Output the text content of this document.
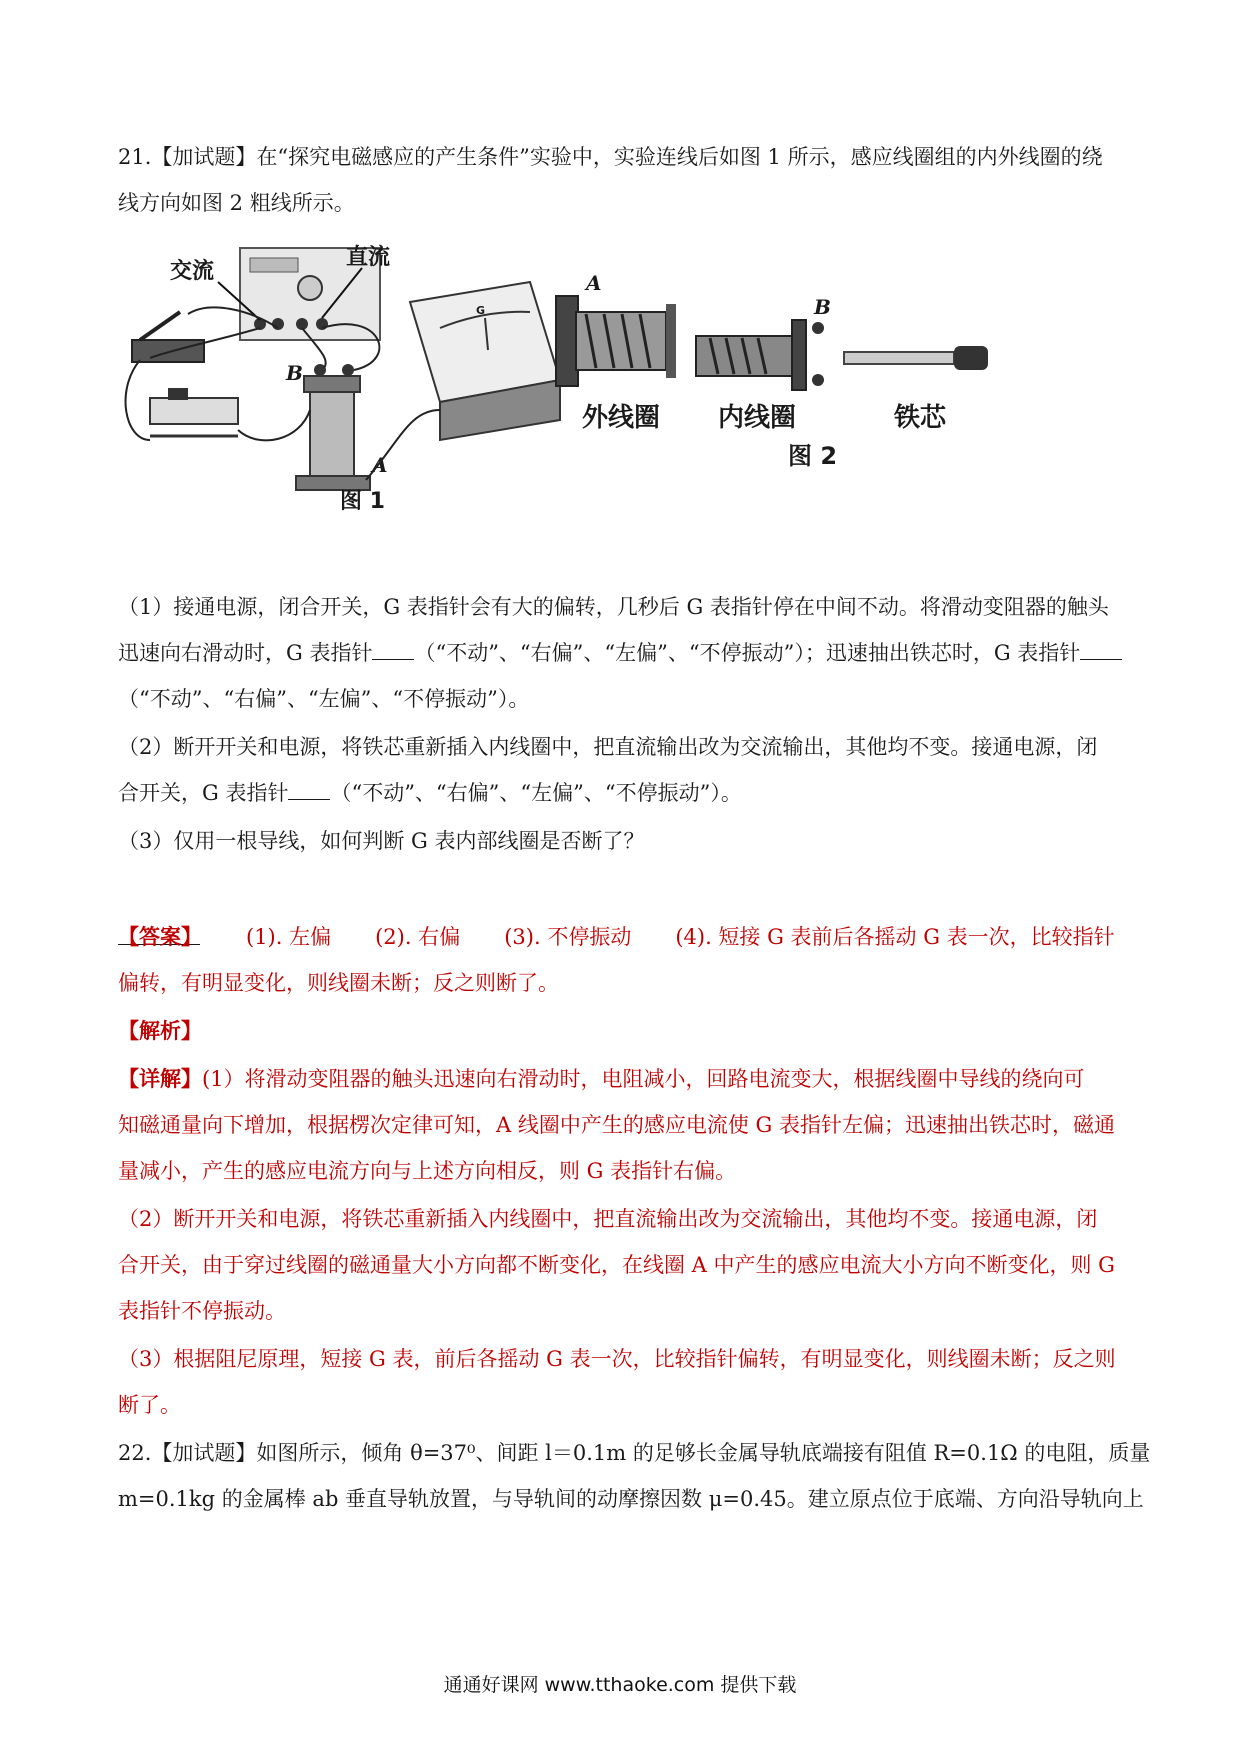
21.【加试题】在“探究电磁感应的产生条件”实验中，实验连线后如图 1 所示，感应线圈组的内外线圈的绕
线方向如图 2 粗线所示。
交流
直流
B
A
图 1
G
A
外线圈
B
内线圈	铁芯
图 2
（1）接通电源，闭合开关，G 表指针会有大的偏转，几秒后 G 表指针停在中间不动。将滑动变阻器的触头
迅速向右滑动时，G 表指针 （“不动”、“右偏”、“左偏”、“不停振动”）；迅速抽出铁芯时，G 表指针
（“不动”、“右偏”、“左偏”、“不停振动”）。
（2）断开开关和电源，将铁芯重新插入内线圈中，把直流输出改为交流输出，其他均不变。接通电源，闭
合开关，G 表指针 （“不动”、“右偏”、“左偏”、“不停振动”）。
（3）仅用一根导线，如何判断 G 表内部线圈是否断了？
【答案】 (1). 左偏 (2). 右偏 (3). 不停振动 (4). 短接 G 表前后各摇动 G 表一次，比较指针
偏转，有明显变化，则线圈未断；反之则断了。
【解析】
【详解】(1）将滑动变阻器的触头迅速向右滑动时，电阻减小，回路电流变大，根据线圈中导线的绕向可
知磁通量向下增加，根据楞次定律可知，A 线圈中产生的感应电流使 G 表指针左偏；迅速抽出铁芯时，磁通
量减小，产生的感应电流方向与上述方向相反，则 G 表指针右偏。
（2）断开开关和电源，将铁芯重新插入内线圈中，把直流输出改为交流输出，其他均不变。接通电源，闭
合开关，由于穿过线圈的磁通量大小方向都不断变化，在线圈 A 中产生的感应电流大小方向不断变化，则 G
表指针不停振动。
（3）根据阻尼原理，短接 G 表，前后各摇动 G 表一次，比较指针偏转，有明显变化，则线圈未断；反之则
断了。
22.【加试题】如图所示，倾角 θ=37⁰、间距 l＝0.1m 的足够长金属导轨底端接有阻值 R=0.1Ω 的电阻，质量
m=0.1kg 的金属棒 ab 垂直导轨放置，与导轨间的动摩擦因数 μ=0.45。建立原点位于底端、方向沿导轨向上
通通好课网 www.tthaoke.com 提供下载
